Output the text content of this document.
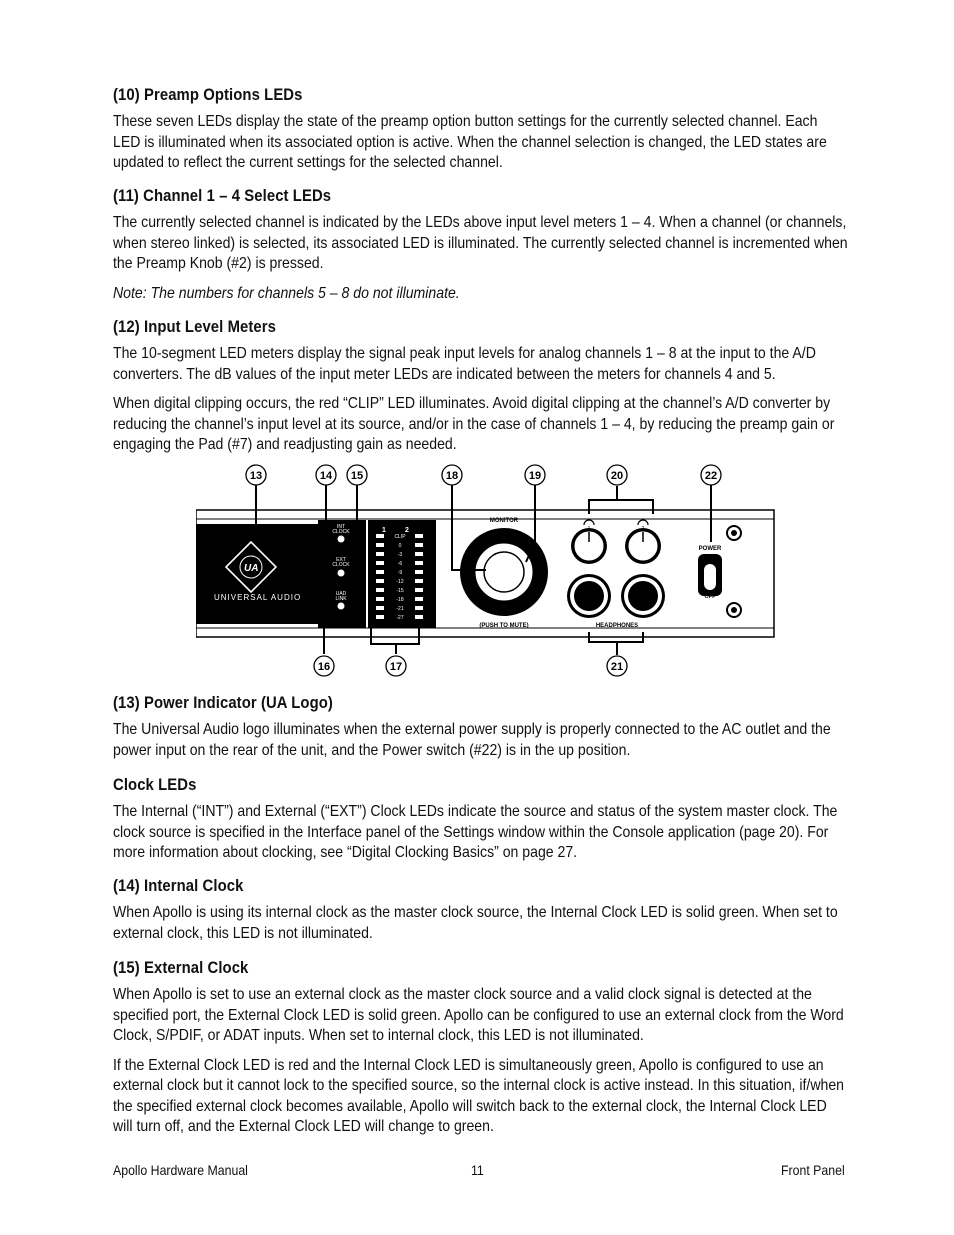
(10) Preamp Options LEDs

These seven LEDs display the state of the preamp option button settings for the currently selected channel. Each LED is illuminated when its associated option is active. When the channel selection is changed, the LED states are updated to reflect the current settings for the selected channel.

(11) Channel 1 – 4 Select LEDs

The currently selected channel is indicated by the LEDs above input level meters 1 – 4. When a channel (or channels, when stereo linked) is selected, its associated LED is illuminated. The currently selected channel is incremented when the Preamp Knob (#2) is pressed.

Note: The numbers for channels 5 – 8 do not illuminate.

(12) Input Level Meters

The 10-segment LED meters display the signal peak input levels for analog channels 1 – 8 at the input to the A/D converters. The dB values of the input meter LEDs are indicated between the meters for channels 4 and 5.

When digital clipping occurs, the red “CLIP” LED illuminates. Avoid digital clipping at the channel’s A/D converter by reducing the channel’s input level at its source, and/or in the case of channels 1 – 4, by reducing the preamp gain or engaging the Pad (#7) and readjusting gain as needed.

UA
UNIVERSAL AUDIO
INT
CLOCK
EXT
CLOCK
UAD
LINK
1	2
CLIP
0
-3
-6
-9
-12
-15
-18
-21
-27
MONITOR
(PUSH TO MUTE)	HEADPHONES
POWER
OFF
13	14 15	18	19	20	22
16	17	21
(13) Power Indicator (UA Logo)

The Universal Audio logo illuminates when the external power supply is properly connected to the AC outlet and the power input on the rear of the unit, and the Power switch (#22) is in the up position.

Clock LEDs

The Internal (“INT”) and External (“EXT”) Clock LEDs indicate the source and status of the system master clock. The clock source is specified in the Interface panel of the Settings window within the Console application (page 20). For more information about clocking, see “Digital Clocking Basics” on page 27.

(14) Internal Clock

When Apollo is using its internal clock as the master clock source, the Internal Clock LED is solid green. When set to external clock, this LED is not illuminated.

(15) External Clock

When Apollo is set to use an external clock as the master clock source and a valid clock signal is detected at the specified port, the External Clock LED is solid green. Apollo can be configured to use an external clock from the Word Clock, S/PDIF, or ADAT inputs. When set to internal clock, this LED is not illuminated.

If the External Clock LED is red and the Internal Clock LED is simultaneously green, Apollo is configured to use an external clock but it cannot lock to the specified source, so the internal clock is active instead. In this situation, if/when the specified external clock becomes available, Apollo will switch back to the external clock, the Internal Clock LED will turn off, and the External Clock LED will change to green.

Apollo Hardware Manual	11	Front Panel
